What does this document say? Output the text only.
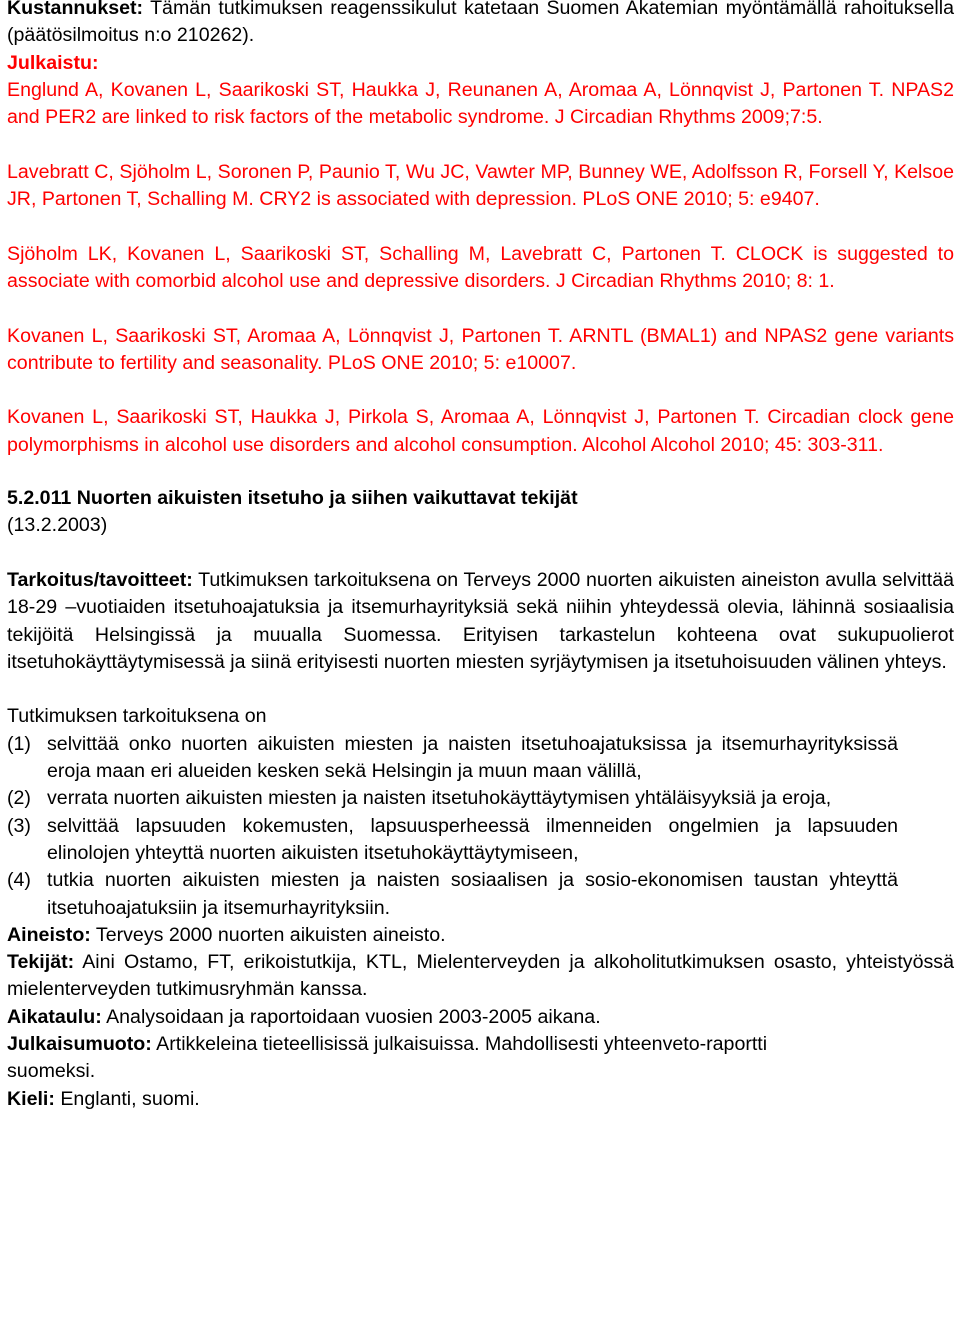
Kustannukset: Tämän tutkimuksen reagenssikulut katetaan Suomen Akatemian myöntämällä rahoituksella (päätösilmoitus n:o 210262).

Julkaistu:

Englund A, Kovanen L, Saarikoski ST, Haukka J, Reunanen A, Aromaa A, Lönnqvist J, Partonen T. NPAS2 and PER2 are linked to risk factors of the metabolic syndrome. J Circadian Rhythms 2009;7:5.

Lavebratt C, Sjöholm L, Soronen P, Paunio T, Wu JC, Vawter MP, Bunney WE, Adolfsson R, Forsell Y, Kelsoe JR, Partonen T, Schalling M. CRY2 is associated with depression. PLoS ONE 2010; 5: e9407.

Sjöholm LK, Kovanen L, Saarikoski ST, Schalling M, Lavebratt C, Partonen T. CLOCK is suggested to associate with comorbid alcohol use and depressive disorders. J Circadian Rhythms 2010; 8: 1.

Kovanen L, Saarikoski ST, Aromaa A, Lönnqvist J, Partonen T. ARNTL (BMAL1) and NPAS2 gene variants contribute to fertility and seasonality. PLoS ONE 2010; 5: e10007.

Kovanen L, Saarikoski ST, Haukka J, Pirkola S, Aromaa A, Lönnqvist J, Partonen T. Circadian clock gene polymorphisms in alcohol use disorders and alcohol consumption. Alcohol Alcohol 2010; 45: 303-311.

5.2.011 Nuorten aikuisten itsetuho ja siihen vaikuttavat tekijät

(13.2.2003)

Tarkoitus/tavoitteet: Tutkimuksen tarkoituksena on Terveys 2000 nuorten aikuisten aineiston avulla selvittää 18-29 –vuotiaiden itsetuhoajatuksia ja itsemurhayrityksiä sekä niihin yhteydessä olevia, lähinnä sosiaalisia tekijöitä Helsingissä ja muualla Suomessa. Erityisen tarkastelun kohteena ovat sukupuolierot itsetuhokäyttäytymisessä ja siinä erityisesti nuorten miesten syrjäytymisen ja itsetuhoisuuden välinen yhteys.

Tutkimuksen tarkoituksena on

(1) selvittää onko nuorten aikuisten miesten ja naisten itsetuhoajatuksissa ja itsemurhayrityksissä eroja maan eri alueiden kesken sekä Helsingin ja muun maan välillä,
(2) verrata nuorten aikuisten miesten ja naisten itsetuhokäyttäytymisen yhtäläisyyksiä ja eroja,
(3) selvittää lapsuuden kokemusten, lapsuusperheessä ilmenneiden ongelmien ja lapsuuden elinolojen yhteyttä nuorten aikuisten itsetuhokäyttäytymiseen,
(4) tutkia nuorten aikuisten miesten ja naisten sosiaalisen ja sosio-ekonomisen taustan yhteyttä itsetuhoajatuksiin ja itsemurhayrityksiin.

Aineisto: Terveys 2000 nuorten aikuisten aineisto.

Tekijät: Aini Ostamo, FT, erikoistutkija, KTL, Mielenterveyden ja alkoholitutkimuksen osasto, yhteistyössä mielenterveyden tutkimusryhmän kanssa.

Aikataulu: Analysoidaan ja raportoidaan vuosien 2003-2005 aikana.

Julkaisumuoto: Artikkeleina tieteellisissä julkaisuissa. Mahdollisesti yhteenveto-raportti suomeksi.

Kieli: Englanti, suomi.
